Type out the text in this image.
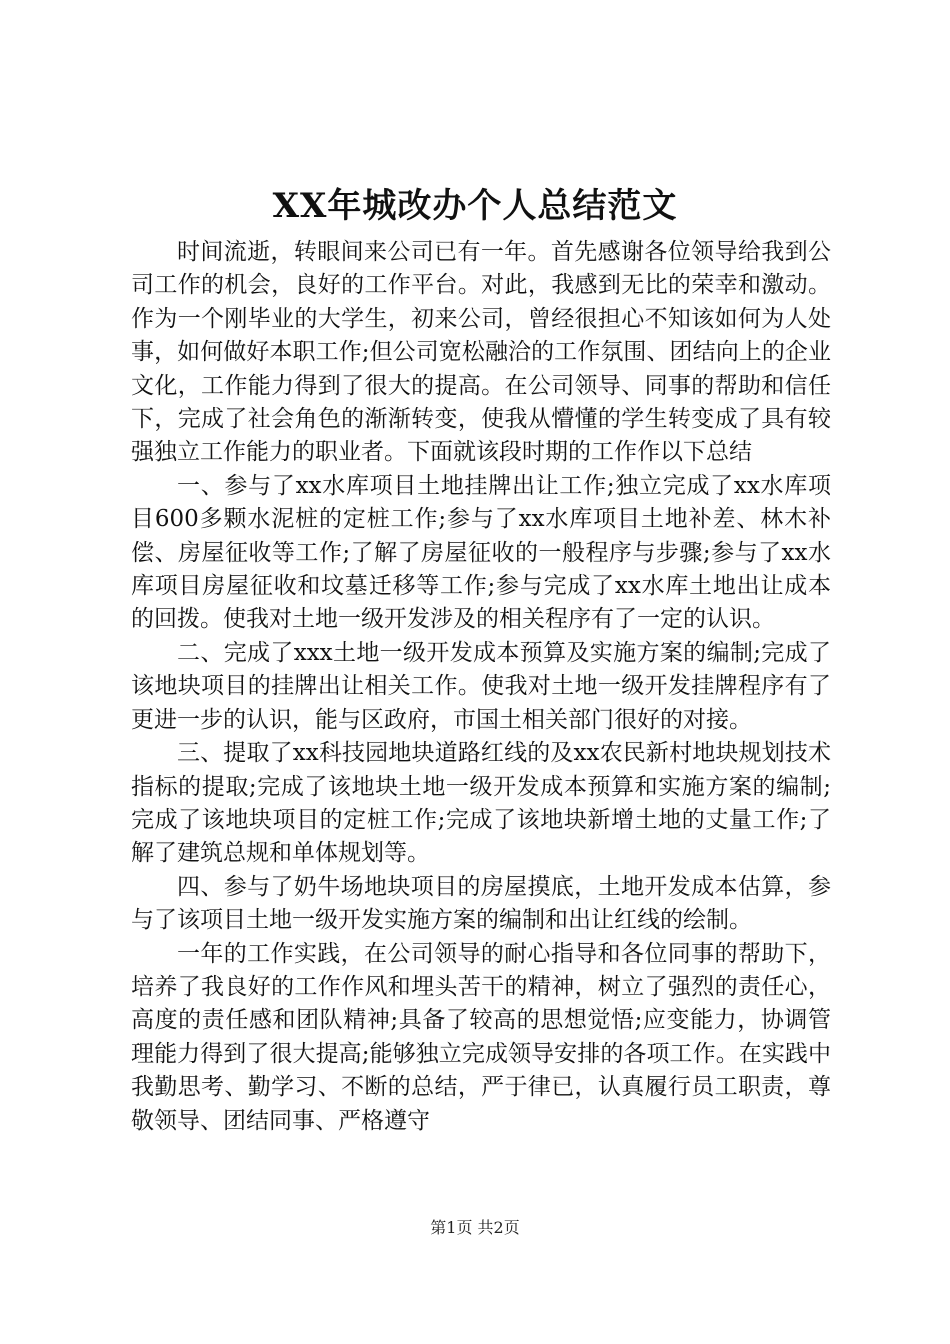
XX年城改办个人总结范文

时间流逝，转眼间来公司已有一年。首先感谢各位领导给我到公司工作的机会，良好的工作平台。对此，我感到无比的荣幸和激动。作为一个刚毕业的大学生，初来公司，曾经很担心不知该如何为人处事，如何做好本职工作;但公司宽松融洽的工作氛围、团结向上的企业文化，工作能力得到了很大的提高。在公司领导、同事的帮助和信任下，完成了社会角色的渐渐转变，使我从懵懂的学生转变成了具有较强独立工作能力的职业者。下面就该段时期的工作作以下总结

一、参与了xx水库项目土地挂牌出让工作;独立完成了xx水库项目600多颗水泥桩的定桩工作;参与了xx水库项目土地补差、林木补偿、房屋征收等工作;了解了房屋征收的一般程序与步骤;参与了xx水库项目房屋征收和坟墓迁移等工作;参与完成了xx水库土地出让成本的回拨。使我对土地一级开发涉及的相关程序有了一定的认识。

二、完成了xxx土地一级开发成本预算及实施方案的编制;完成了该地块项目的挂牌出让相关工作。使我对土地一级开发挂牌程序有了更进一步的认识，能与区政府，市国土相关部门很好的对接。

三、提取了xx科技园地块道路红线的及xx农民新村地块规划技术指标的提取;完成了该地块土地一级开发成本预算和实施方案的编制;完成了该地块项目的定桩工作;完成了该地块新增土地的丈量工作;了解了建筑总规和单体规划等。

四、参与了奶牛场地块项目的房屋摸底，土地开发成本估算，参与了该项目土地一级开发实施方案的编制和出让红线的绘制。

一年的工作实践，在公司领导的耐心指导和各位同事的帮助下，培养了我良好的工作作风和埋头苦干的精神，树立了强烈的责任心，高度的责任感和团队精神;具备了较高的思想觉悟;应变能力，协调管理能力得到了很大提高;能够独立完成领导安排的各项工作。在实践中我勤思考、勤学习、不断的总结，严于律已，认真履行员工职责，尊敬领导、团结同事、严格遵守

第1页 共2页
